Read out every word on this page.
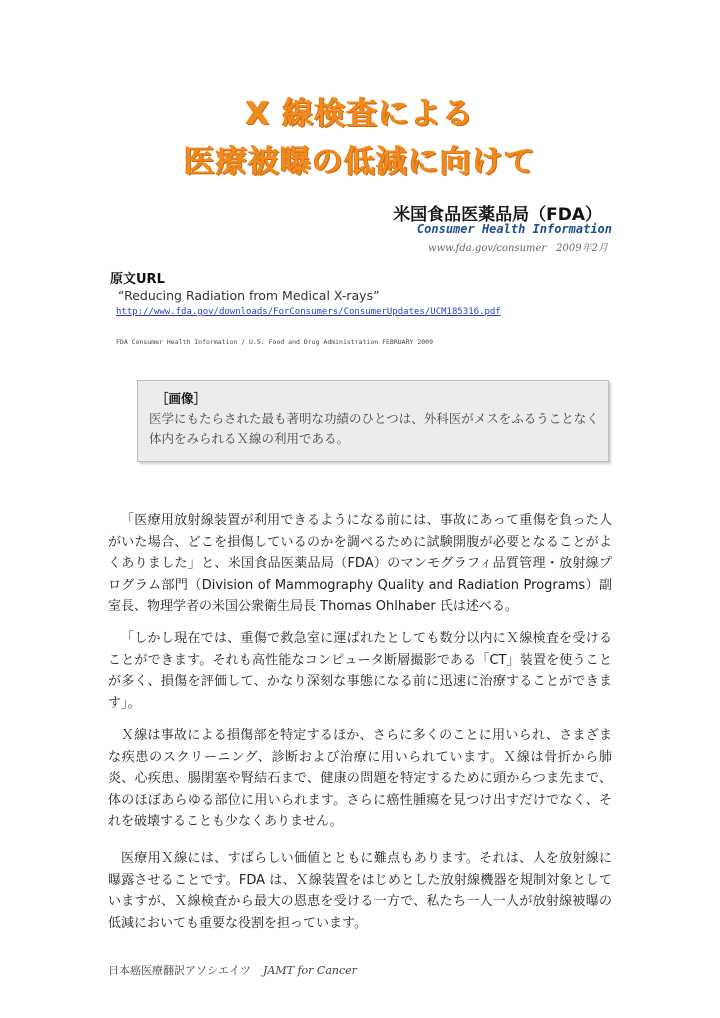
X 線検査による
医療被曝の低減に向けて
米国食品医薬品局（FDA）
Consumer Health Information
www.fda.gov/consumer　2009年2月
原文URL
“Reducing Radiation from Medical X-rays”
http://www.fda.gov/downloads/ForConsumers/ConsumerUpdates/UCM185316.pdf
FDA Consumer Health Information / U.S. Food and Drug Administration FEBRUARY 2009
［画像］
医学にもたらされた最も著明な功績のひとつは、外科医がメスをふるうことなく体内をみられるＸ線の利用である。
「医療用放射線装置が利用できるようになる前には、事故にあって重傷を負った人がいた場合、どこを損傷しているのかを調べるために試験開腹が必要となることがよくありました」と、米国食品医薬品局（FDA）のマンモグラフィ品質管理・放射線プログラム部門（Division of Mammography Quality and Radiation Programs）副室長、物理学者の米国公衆衛生局長 Thomas Ohlhaber 氏は述べる。
「しかし現在では、重傷で救急室に運ばれたとしても数分以内にＸ線検査を受けることができます。それも高性能なコンピュータ断層撮影である「CT」装置を使うことが多く、損傷を評価して、かなり深刻な事態になる前に迅速に治療することができます」。
Ｘ線は事故による損傷部を特定するほか、さらに多くのことに用いられ、さまざまな疾患のスクリーニング、診断および治療に用いられています。Ｘ線は骨折から肺炎、心疾患、腸閉塞や腎結石まで、健康の問題を特定するために頭からつま先まで、体のほぼあらゆる部位に用いられます。さらに癌性腫瘍を見つけ出すだけでなく、それを破壊することも少なくありません。
医療用Ｘ線には、すばらしい価値とともに難点もあります。それは、人を放射線に曝露させることです。FDA は、Ｘ線装置をはじめとした放射線機器を規制対象としていますが、Ｘ線検査から最大の恩恵を受ける一方で、私たち一人一人が放射線被曝の低減においても重要な役割を担っています。
日本癌医療翻訳アソシエイツ JAMT for Cancer
